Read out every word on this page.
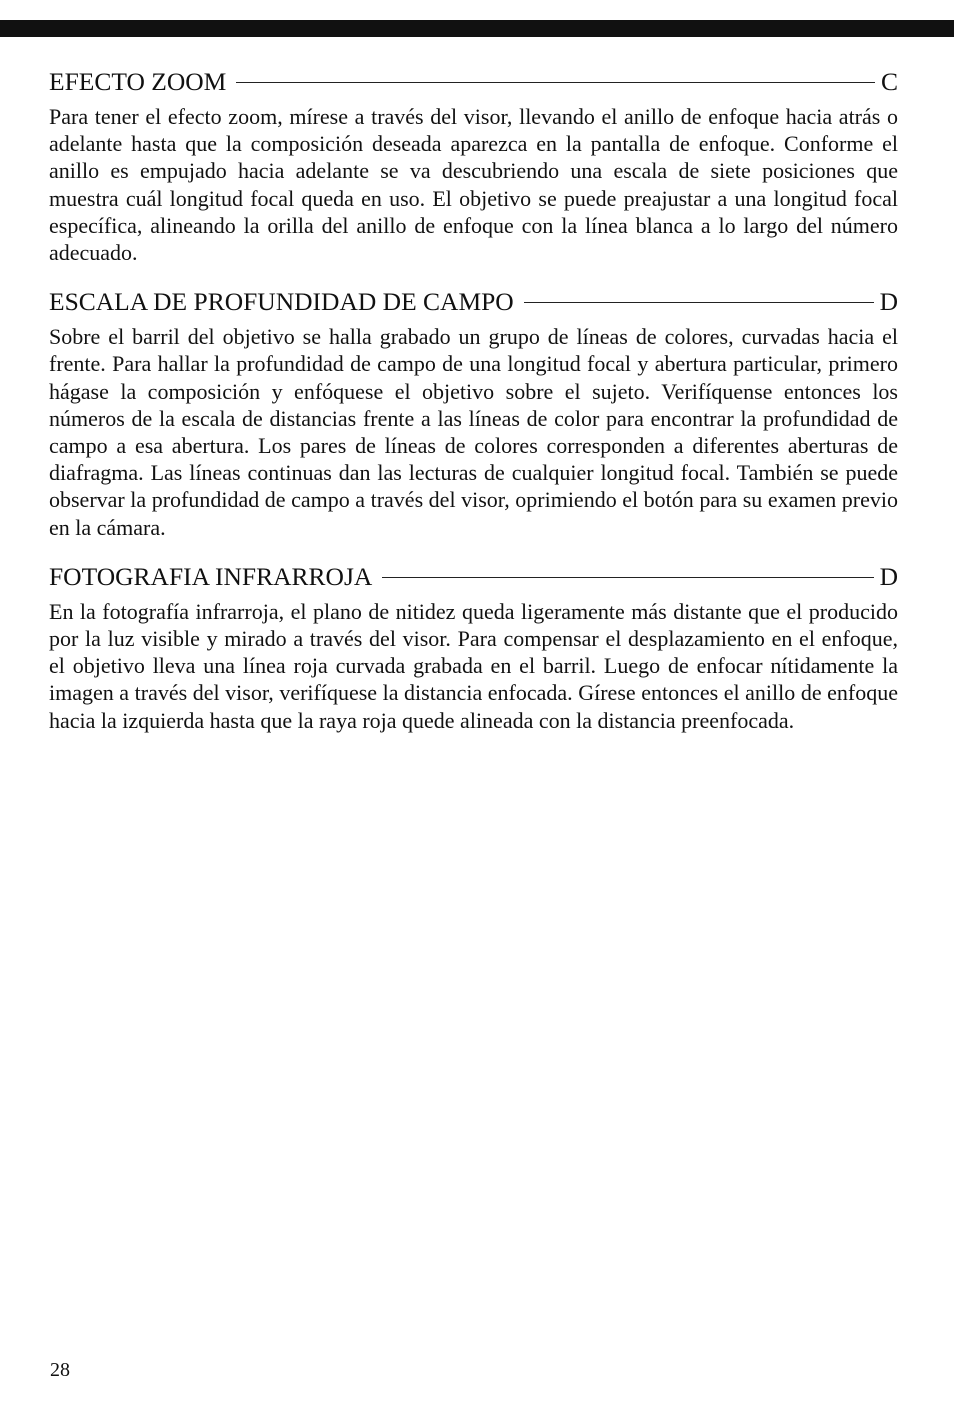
EFECTO ZOOM	C

Para tener el efecto zoom, mírese a través del visor, llevando el anillo de enfoque hacia atrás o adelante hasta que la composición deseada aparezca en la pantalla de enfoque. Conforme el anillo es empujado hacia adelante se va descubriendo una escala de siete posiciones que muestra cuál longitud focal queda en uso. El objetivo se puede preajustar a una longitud focal específica, alineando la orilla del anillo de enfoque con la línea blanca a lo largo del número adecuado.

ESCALA DE PROFUNDIDAD DE CAMPO	D

Sobre el barril del objetivo se halla grabado un grupo de líneas de colores, curvadas hacia el frente. Para hallar la profundidad de campo de una longitud focal y abertura particular, primero hágase la composición y enfóquese el objetivo sobre el sujeto. Verifíquense entonces los números de la escala de distancias frente a las líneas de color para encontrar la profundidad de campo a esa abertura. Los pares de líneas de colores corresponden a diferentes aberturas de diafragma. Las líneas continuas dan las lecturas de cualquier longitud focal. También se puede observar la profundidad de campo a través del visor, oprimiendo el botón para su examen previo en la cámara.

FOTOGRAFIA INFRARROJA	D

En la fotografía infrarroja, el plano de nitidez queda ligeramente más distante que el producido por la luz visible y mirado a través del visor. Para compensar el desplazamiento en el enfoque, el objetivo lleva una línea roja curvada grabada en el barril. Luego de enfocar nítidamente la imagen a través del visor, verifíquese la distancia enfocada. Gírese entonces el anillo de enfoque hacia la izquierda hasta que la raya roja quede alineada con la distancia preenfocada.

28
